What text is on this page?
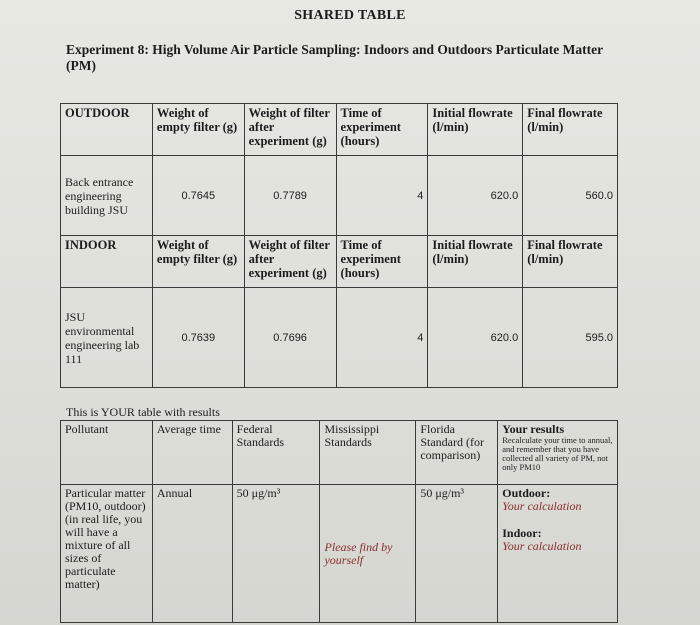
SHARED TABLE
Experiment 8: High Volume Air Particle Sampling: Indoors and Outdoors Particulate Matter (PM)
OUTDOOR	Weight of empty filter (g)	Weight of filter after experiment (g)	Time of experiment (hours)	Initial flowrate (l/min)	Final flowrate (l/min)
Back entrance engineering building JSU	0.7645	0.7789	4	620.0	560.0
INDOOR	Weight of empty filter (g)	Weight of filter after experiment (g)	Time of experiment (hours)	Initial flowrate (l/min)	Final flowrate (l/min)
JSU environmental engineering lab 111	0.7639	0.7696	4	620.0	595.0
This is YOUR table with results
Pollutant	Average time	Federal Standards	Mississippi Standards	Florida Standard (for comparison)	Your results
Recalculate your time to annual, and remember that you have collected all variety of PM, not only PM10

Particular matter (PM10, outdoor) (in real life, you will have a mixture of all sizes of particulate matter)	Annual	50 μg/m³	Please find by yourself	50 μg/m³	Outdoor:
Your calculation
Indoor:
Your calculation
